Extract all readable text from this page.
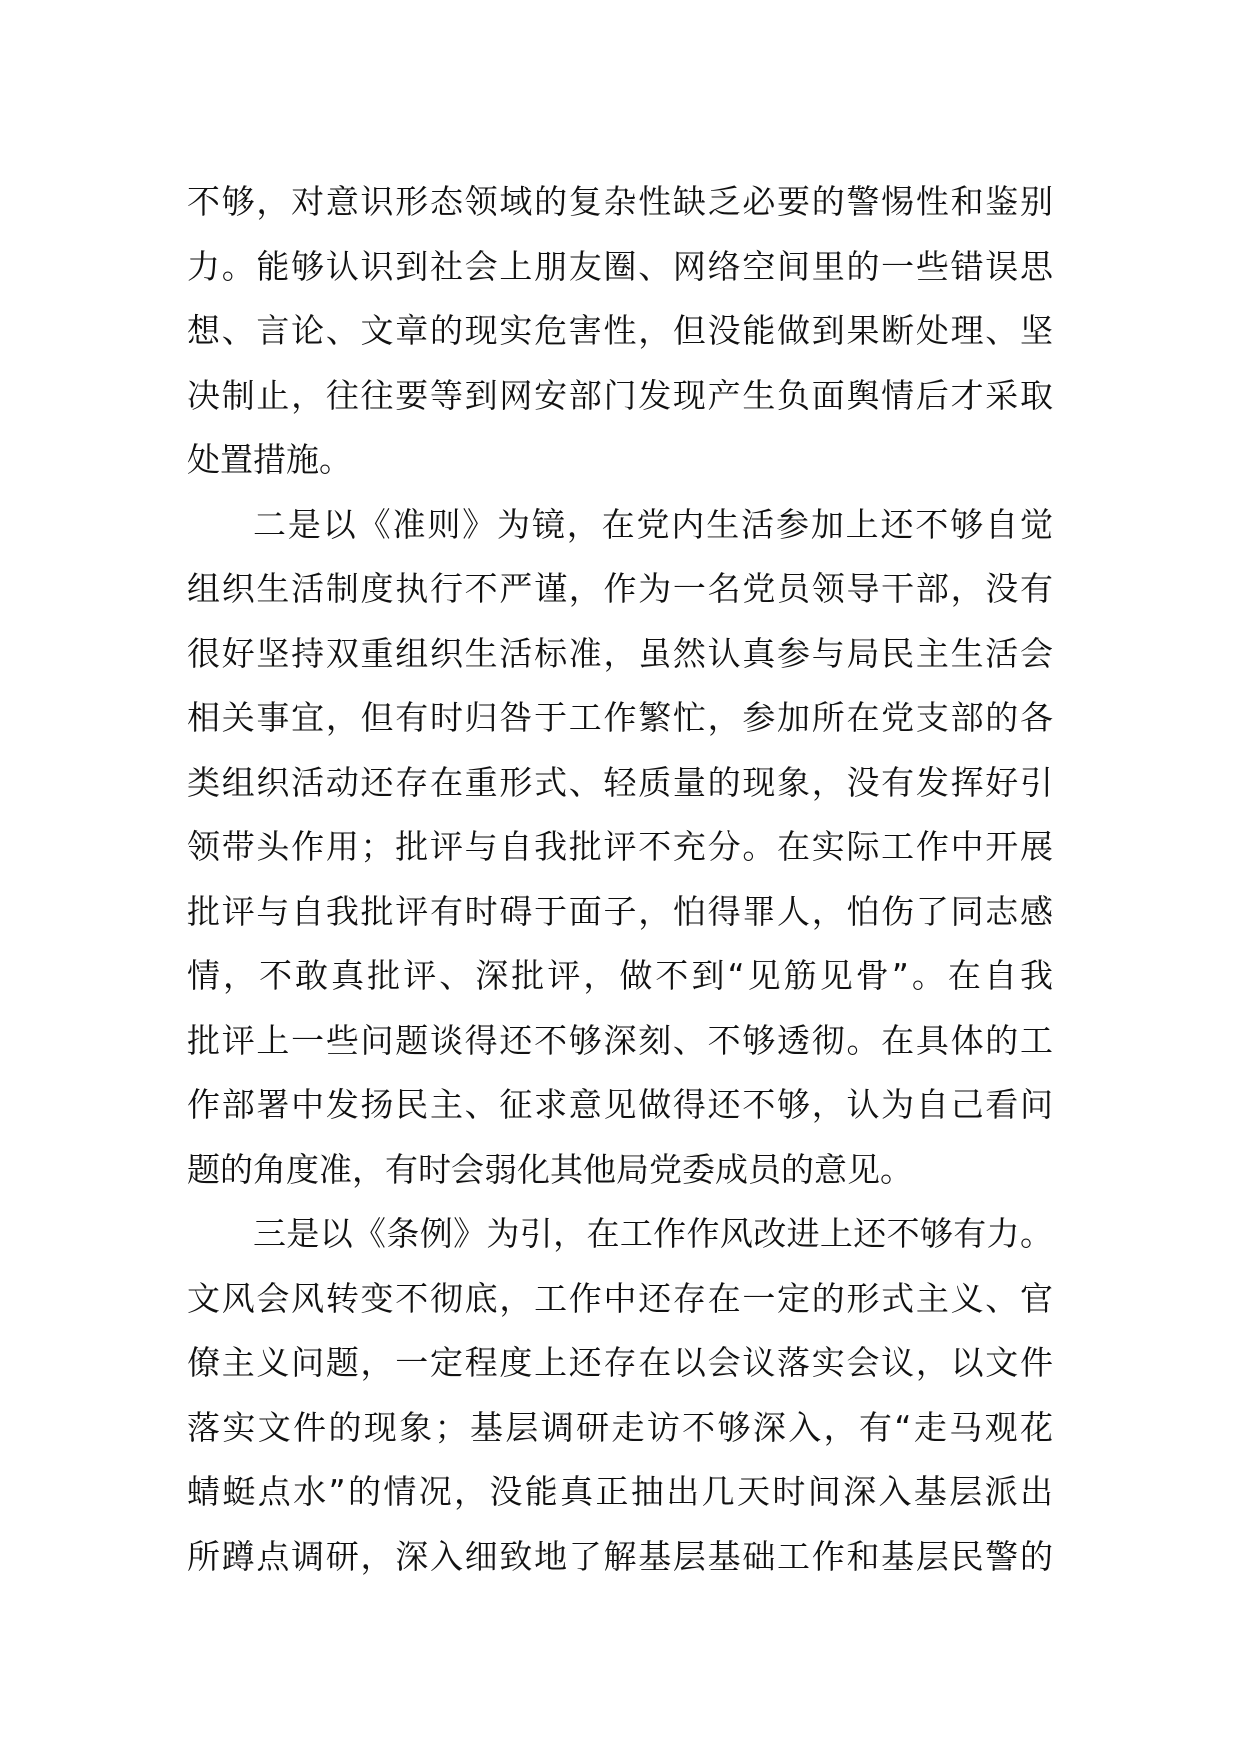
不够，对意识形态领域的复杂性缺乏必要的警惕性和鉴别
力。能够认识到社会上朋友圈、网络空间里的一些错误思
想、言论、文章的现实危害性，但没能做到果断处理、坚
决制止，往往要等到网安部门发现产生负面舆情后才采取
处置措施。
二是以《准则》为镜，在党内生活参加上还不够自觉
组织生活制度执行不严谨，作为一名党员领导干部，没有
很好坚持双重组织生活标准，虽然认真参与局民主生活会
相关事宜，但有时归咎于工作繁忙，参加所在党支部的各
类组织活动还存在重形式、轻质量的现象，没有发挥好引
领带头作用；批评与自我批评不充分。在实际工作中开展
批评与自我批评有时碍于面子，怕得罪人，怕伤了同志感
情，不敢真批评、深批评，做不到“见筋见骨”。在自我
批评上一些问题谈得还不够深刻、不够透彻。在具体的工
作部署中发扬民主、征求意见做得还不够，认为自己看问
题的角度准，有时会弱化其他局党委成员的意见。
三是以《条例》为引，在工作作风改进上还不够有力。
文风会风转变不彻底，工作中还存在一定的形式主义、官
僚主义问题，一定程度上还存在以会议落实会议，以文件
落实文件的现象；基层调研走访不够深入，有“走马观花
蜻蜓点水”的情况，没能真正抽出几天时间深入基层派出
所蹲点调研，深入细致地了解基层基础工作和基层民警的
